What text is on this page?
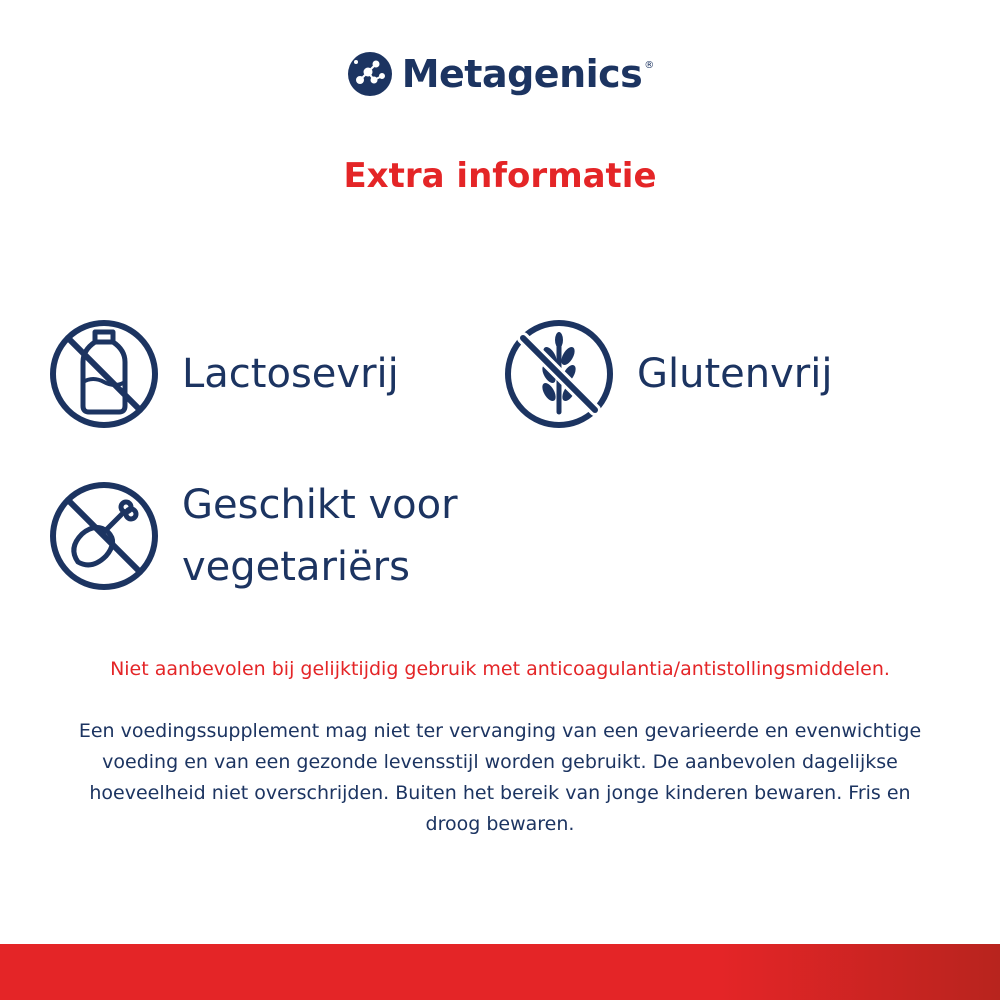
Metagenics ®
Extra informatie
Lactosevrij	Glutenvrij
Geschikt voor vegetariërs
Niet aanbevolen bij gelijktijdig gebruik met anticoagulantia/antistollingsmiddelen.
Een voedingssupplement mag niet ter vervanging van een gevarieerde en evenwichtige voeding en van een gezonde levensstijl worden gebruikt. De aanbevolen dagelijkse hoeveelheid niet overschrijden. Buiten het bereik van jonge kinderen bewaren. Fris en droog bewaren.
